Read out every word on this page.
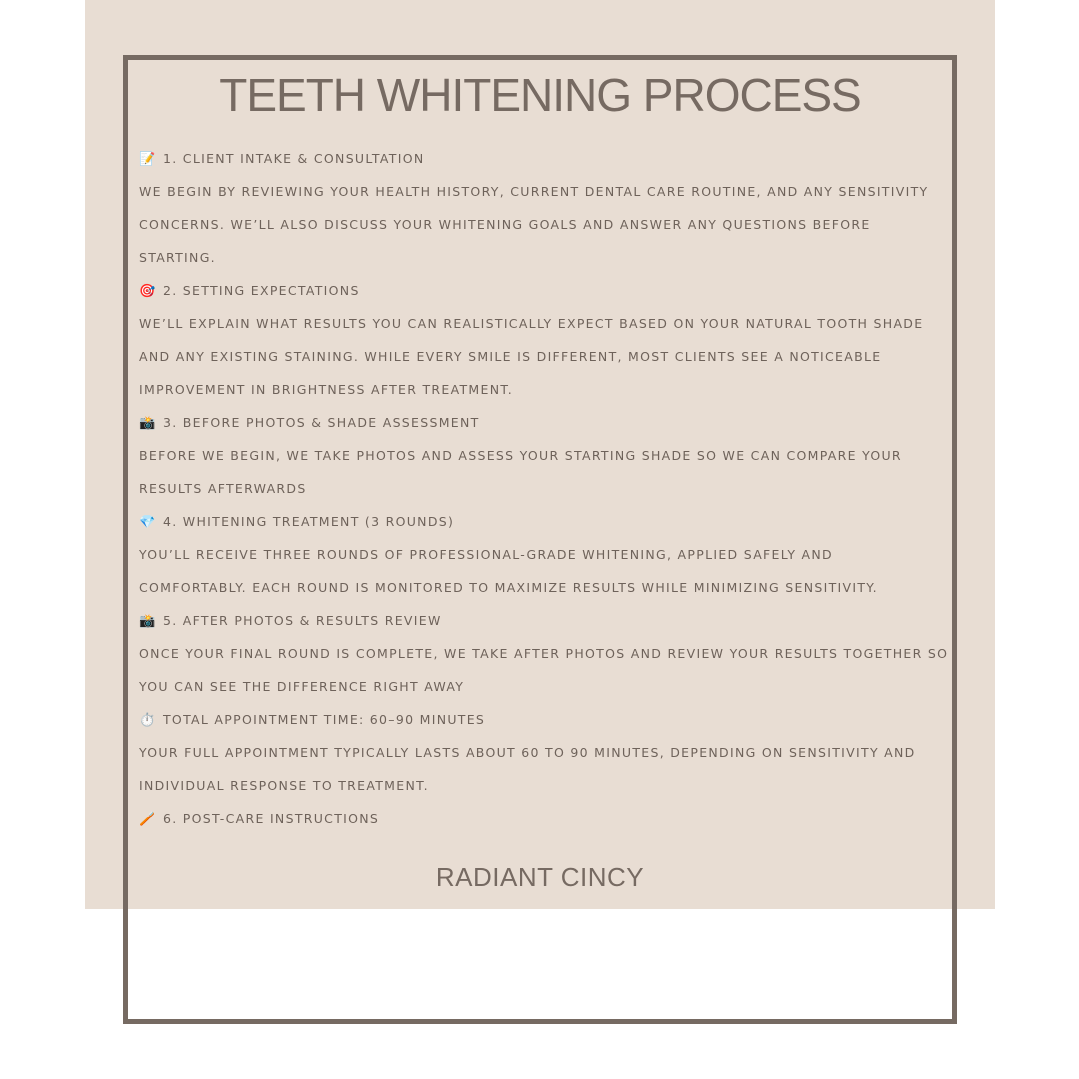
TEETH WHITENING PROCESS
📝 1. CLIENT INTAKE & CONSULTATION
WE BEGIN BY REVIEWING YOUR HEALTH HISTORY, CURRENT DENTAL CARE ROUTINE, AND ANY SENSITIVITY
CONCERNS. WE’LL ALSO DISCUSS YOUR WHITENING GOALS AND ANSWER ANY QUESTIONS BEFORE
STARTING.
🎯 2. SETTING EXPECTATIONS
WE’LL EXPLAIN WHAT RESULTS YOU CAN REALISTICALLY EXPECT BASED ON YOUR NATURAL TOOTH SHADE
AND ANY EXISTING STAINING. WHILE EVERY SMILE IS DIFFERENT, MOST CLIENTS SEE A NOTICEABLE
IMPROVEMENT IN BRIGHTNESS AFTER TREATMENT.
📸 3. BEFORE PHOTOS & SHADE ASSESSMENT
BEFORE WE BEGIN, WE TAKE PHOTOS AND ASSESS YOUR STARTING SHADE SO WE CAN COMPARE YOUR
RESULTS AFTERWARDS
💎 4. WHITENING TREATMENT (3 ROUNDS)
YOU’LL RECEIVE THREE ROUNDS OF PROFESSIONAL-GRADE WHITENING, APPLIED SAFELY AND
COMFORTABLY. EACH ROUND IS MONITORED TO MAXIMIZE RESULTS WHILE MINIMIZING SENSITIVITY.
📸 5. AFTER PHOTOS & RESULTS REVIEW
ONCE YOUR FINAL ROUND IS COMPLETE, WE TAKE AFTER PHOTOS AND REVIEW YOUR RESULTS TOGETHER SO
YOU CAN SEE THE DIFFERENCE RIGHT AWAY
⏱️ TOTAL APPOINTMENT TIME: 60–90 MINUTES
YOUR FULL APPOINTMENT TYPICALLY LASTS ABOUT 60 TO 90 MINUTES, DEPENDING ON SENSITIVITY AND
INDIVIDUAL RESPONSE TO TREATMENT.
🪥 6. POST-CARE INSTRUCTIONS
RADIANT CINCY
